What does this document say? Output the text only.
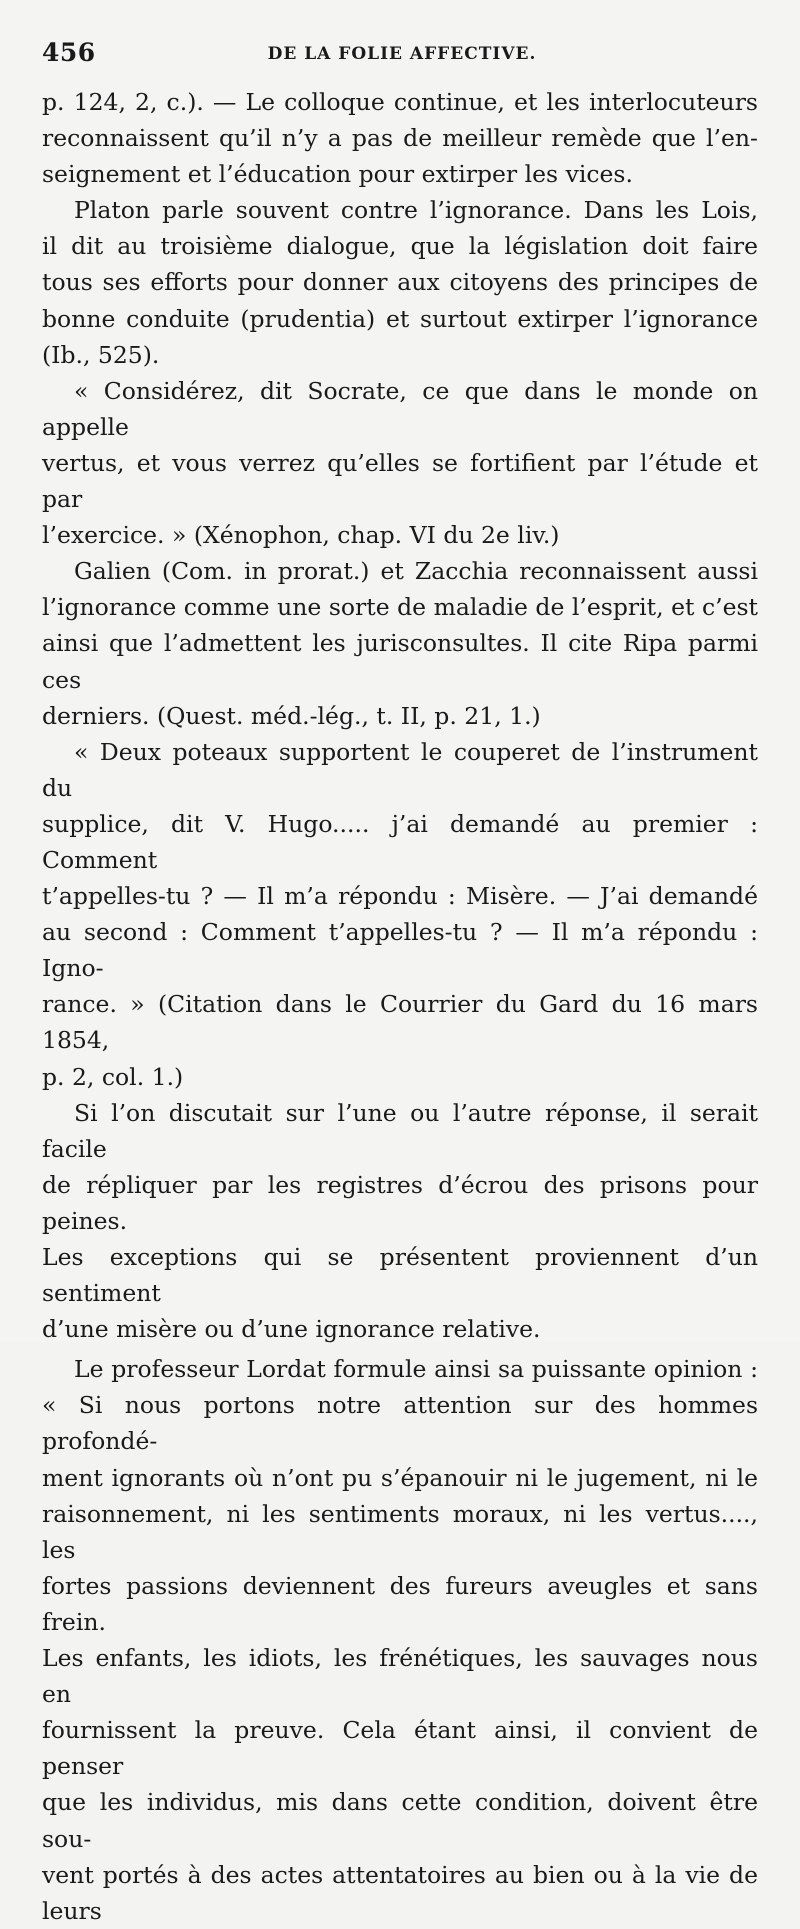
456	DE LA FOLIE AFFECTIVE.

p. 124, 2, c.). — Le colloque continue, et les interlocuteurs

reconnaissent qu’il n’y a pas de meilleur remède que l’en-

seignement et l’éducation pour extirper les vices.

Platon parle souvent contre l’ignorance. Dans les Lois,

il dit au troisième dialogue, que la législation doit faire

tous ses efforts pour donner aux citoyens des principes de

bonne conduite (prudentia) et surtout extirper l’ignorance

(Ib., 525).

« Considérez, dit Socrate, ce que dans le monde on appelle

vertus, et vous verrez qu’elles se fortifient par l’étude et par

l’exercice. » (Xénophon, chap. VI du 2e liv.)

Galien (Com. in prorat.) et Zacchia reconnaissent aussi

l’ignorance comme une sorte de maladie de l’esprit, et c’est

ainsi que l’admettent les jurisconsultes. Il cite Ripa parmi ces

derniers. (Quest. méd.-lég., t. II, p. 21, 1.)

« Deux poteaux supportent le couperet de l’instrument du

supplice, dit V. Hugo..... j’ai demandé au premier : Comment

t’appelles-tu ? — Il m’a répondu : Misère. — J’ai demandé

au second : Comment t’appelles-tu ? — Il m’a répondu : Igno-

rance. » (Citation dans le Courrier du Gard du 16 mars 1854,

p. 2, col. 1.)

Si l’on discutait sur l’une ou l’autre réponse, il serait facile

de répliquer par les registres d’écrou des prisons pour peines.

Les exceptions qui se présentent proviennent d’un sentiment

d’une misère ou d’une ignorance relative.

Le professeur Lordat formule ainsi sa puissante opinion :

« Si nous portons notre attention sur des hommes profondé-

ment ignorants où n’ont pu s’épanouir ni le jugement, ni le

raisonnement, ni les sentiments moraux, ni les vertus...., les

fortes passions deviennent des fureurs aveugles et sans frein.

Les enfants, les idiots, les frénétiques, les sauvages nous en

fournissent la preuve. Cela étant ainsi, il convient de penser

que les individus, mis dans cette condition, doivent être sou-

vent portés à des actes attentatoires au bien ou à la vie de leurs
